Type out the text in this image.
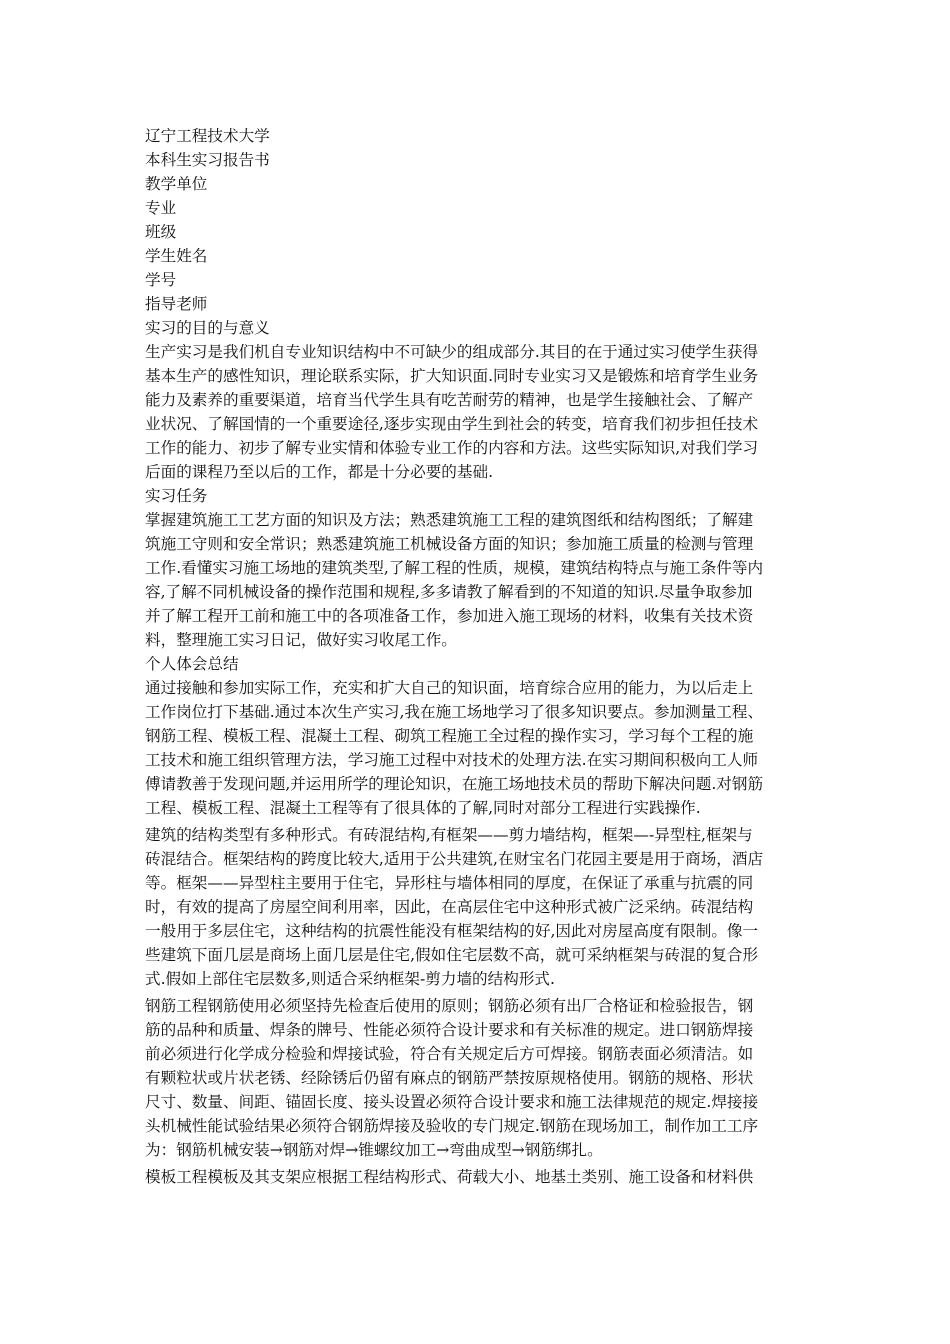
辽宁工程技术大学
本科生实习报告书
教学单位
专业
班级
学生姓名
学号
指导老师
实习的目的与意义

生产实习是我们机自专业知识结构中不可缺少的组成部分.其目的在于通过实习使学生获得

基本生产的感性知识，理论联系实际，扩大知识面.同时专业实习又是锻炼和培育学生业务

能力及素养的重要渠道，培育当代学生具有吃苦耐劳的精神，也是学生接触社会、了解产

业状况、了解国情的一个重要途径,逐步实现由学生到社会的转变，培育我们初步担任技术

工作的能力、初步了解专业实情和体验专业工作的内容和方法。这些实际知识,对我们学习

后面的课程乃至以后的工作，都是十分必要的基础.

实习任务

掌握建筑施工工艺方面的知识及方法；熟悉建筑施工工程的建筑图纸和结构图纸；了解建

筑施工守则和安全常识；熟悉建筑施工机械设备方面的知识；参加施工质量的检测与管理

工作.看懂实习施工场地的建筑类型,了解工程的性质，规模，建筑结构特点与施工条件等内

容,了解不同机械设备的操作范围和规程,多多请教了解看到的不知道的知识.尽量争取参加

并了解工程开工前和施工中的各项准备工作，参加进入施工现场的材料，收集有关技术资

料，整理施工实习日记，做好实习收尾工作。

个人体会总结

通过接触和参加实际工作，充实和扩大自己的知识面，培育综合应用的能力，为以后走上

工作岗位打下基础.通过本次生产实习,我在施工场地学习了很多知识要点。参加测量工程、

钢筋工程、模板工程、混凝土工程、砌筑工程施工全过程的操作实习，学习每个工程的施

工技术和施工组织管理方法，学习施工过程中对技术的处理方法.在实习期间积极向工人师

傅请教善于发现问题,并运用所学的理论知识，在施工场地技术员的帮助下解决问题.对钢筋

工程、模板工程、混凝土工程等有了很具体的了解,同时对部分工程进行实践操作.

建筑的结构类型有多种形式。有砖混结构,有框架——剪力墙结构，框架—-异型柱,框架与

砖混结合。框架结构的跨度比较大,适用于公共建筑,在财宝名门花园主要是用于商场，酒店

等。框架——异型柱主要用于住宅，异形柱与墙体相同的厚度，在保证了承重与抗震的同

时，有效的提高了房屋空间利用率，因此，在高层住宅中这种形式被广泛采纳。砖混结构

一般用于多层住宅，这种结构的抗震性能没有框架结构的好,因此对房屋高度有限制。像一

些建筑下面几层是商场上面几层是住宅,假如住宅层数不高，就可采纳框架与砖混的复合形

式.假如上部住宅层数多,则适合采纳框架-剪力墙的结构形式.

钢筋工程钢筋使用必须坚持先检查后使用的原则；钢筋必须有出厂合格证和检验报告，钢

筋的品种和质量、焊条的牌号、性能必须符合设计要求和有关标准的规定。进口钢筋焊接

前必须进行化学成分检验和焊接试验，符合有关规定后方可焊接。钢筋表面必须清洁。如

有颗粒状或片状老锈、经除锈后仍留有麻点的钢筋严禁按原规格使用。钢筋的规格、形状

尺寸、数量、间距、锚固长度、接头设置必须符合设计要求和施工法律规范的规定.焊接接

头机械性能试验结果必须符合钢筋焊接及验收的专门规定.钢筋在现场加工，制作加工工序

为：钢筋机械安装→钢筋对焊→锥螺纹加工→弯曲成型→钢筋绑扎。

模板工程模板及其支架应根据工程结构形式、荷载大小、地基土类别、施工设备和材料供
